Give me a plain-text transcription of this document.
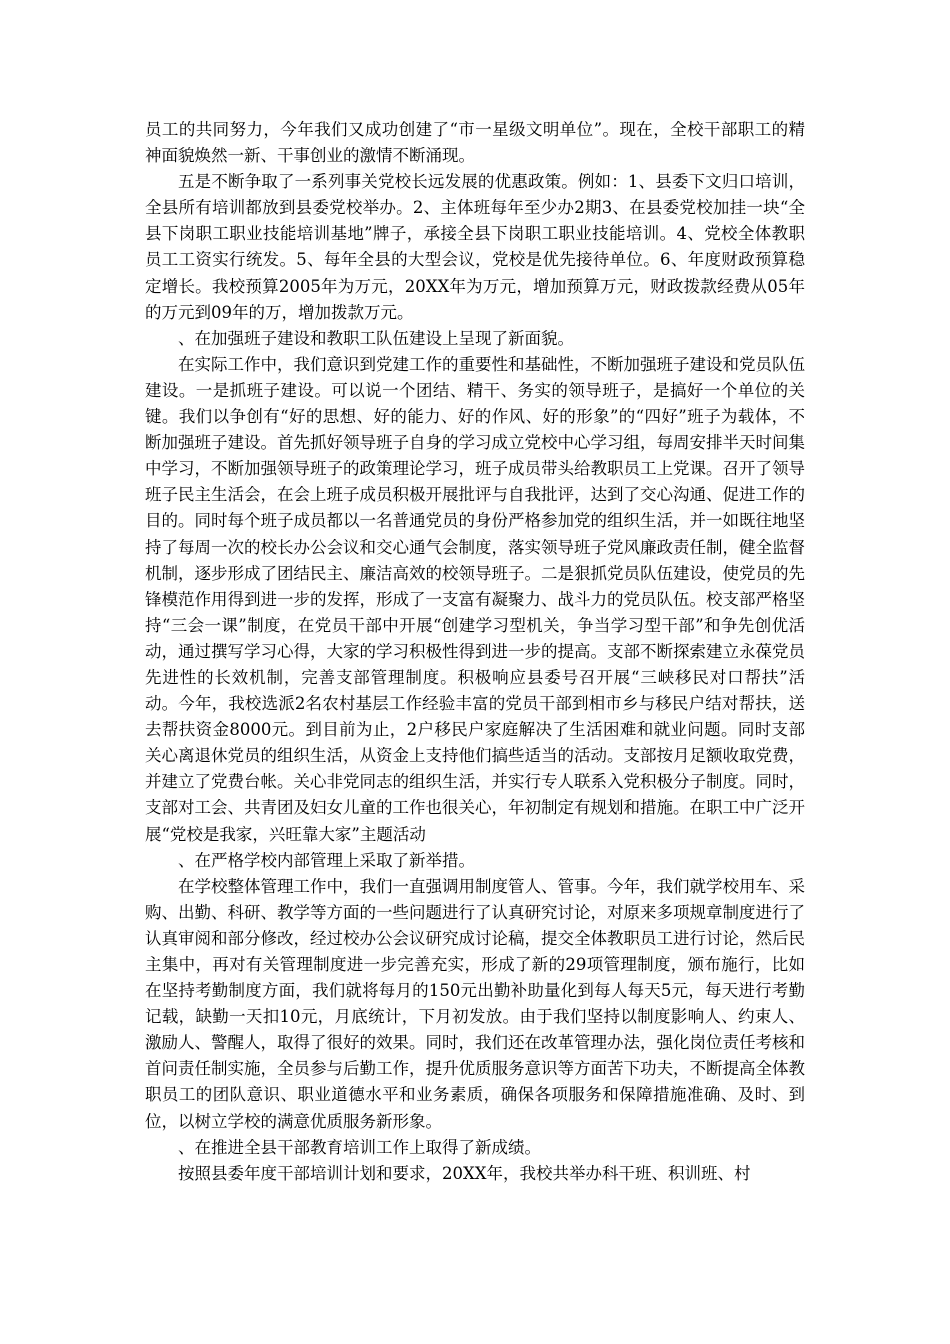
员工的共同努力，今年我们又成功创建了“市一星级文明单位”。现在，全校干部职工的精神面貌焕然一新、干事创业的激情不断涌现。

五是不断争取了一系列事关党校长远发展的优惠政策。例如：1、县委下文归口培训，全县所有培训都放到县委党校举办。2、主体班每年至少办2期3、在县委党校加挂一块“全县下岗职工职业技能培训基地”牌子，承接全县下岗职工职业技能培训。4、党校全体教职员工工资实行统发。5、每年全县的大型会议，党校是优先接待单位。6、年度财政预算稳定增长。我校预算2005年为万元，20XX年为万元，增加预算万元，财政拨款经费从05年的万元到09年的万，增加拨款万元。

、在加强班子建设和教职工队伍建设上呈现了新面貌。

在实际工作中，我们意识到党建工作的重要性和基础性，不断加强班子建设和党员队伍建设。一是抓班子建设。可以说一个团结、精干、务实的领导班子，是搞好一个单位的关键。我们以争创有“好的思想、好的能力、好的作风、好的形象”的“四好”班子为载体，不断加强班子建设。首先抓好领导班子自身的学习成立党校中心学习组，每周安排半天时间集中学习，不断加强领导班子的政策理论学习，班子成员带头给教职员工上党课。召开了领导班子民主生活会，在会上班子成员积极开展批评与自我批评，达到了交心沟通、促进工作的目的。同时每个班子成员都以一名普通党员的身份严格参加党的组织生活，并一如既往地坚持了每周一次的校长办公会议和交心通气会制度，落实领导班子党风廉政责任制，健全监督机制，逐步形成了团结民主、廉洁高效的校领导班子。二是狠抓党员队伍建设，使党员的先锋模范作用得到进一步的发挥，形成了一支富有凝聚力、战斗力的党员队伍。校支部严格坚持“三会一课”制度，在党员干部中开展“创建学习型机关，争当学习型干部”和争先创优活动，通过撰写学习心得，大家的学习积极性得到进一步的提高。支部不断探索建立永葆党员先进性的长效机制，完善支部管理制度。积极响应县委号召开展“三峡移民对口帮扶”活动。今年，我校选派2名农村基层工作经验丰富的党员干部到相市乡与移民户结对帮扶，送去帮扶资金8000元。到目前为止，2户移民户家庭解决了生活困难和就业问题。同时支部关心离退休党员的组织生活，从资金上支持他们搞些适当的活动。支部按月足额收取党费，并建立了党费台帐。关心非党同志的组织生活，并实行专人联系入党积极分子制度。同时，支部对工会、共青团及妇女儿童的工作也很关心，年初制定有规划和措施。在职工中广泛开展“党校是我家，兴旺靠大家”主题活动

、在严格学校内部管理上采取了新举措。

在学校整体管理工作中，我们一直强调用制度管人、管事。今年，我们就学校用车、采购、出勤、科研、教学等方面的一些问题进行了认真研究讨论，对原来多项规章制度进行了认真审阅和部分修改，经过校办公会议研究成讨论稿，提交全体教职员工进行讨论，然后民主集中，再对有关管理制度进一步完善充实，形成了新的29项管理制度，颁布施行，比如在坚持考勤制度方面，我们就将每月的150元出勤补助量化到每人每天5元，每天进行考勤记载，缺勤一天扣10元，月底统计，下月初发放。由于我们坚持以制度影响人、约束人、激励人、警醒人，取得了很好的效果。同时，我们还在改革管理办法，强化岗位责任考核和首问责任制实施，全员参与后勤工作，提升优质服务意识等方面苦下功夫，不断提高全体教职员工的团队意识、职业道德水平和业务素质，确保各项服务和保障措施准确、及时、到位，以树立学校的满意优质服务新形象。

、在推进全县干部教育培训工作上取得了新成绩。

按照县委年度干部培训计划和要求，20XX年，我校共举办科干班、积训班、村
